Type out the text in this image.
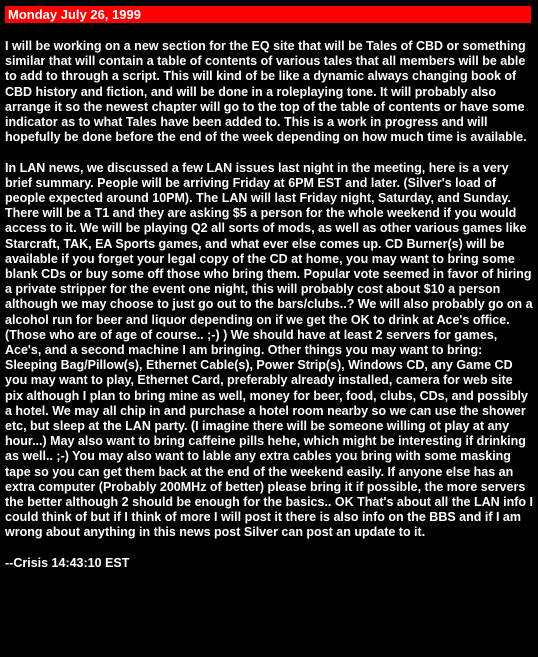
Monday July 26, 1999

I will be working on a new section for the EQ site that will be Tales of CBD or something similar that will contain a table of contents of various tales that all members will be able to add to through a script. This will kind of be like a dynamic always changing book of CBD history and fiction, and will be done in a roleplaying tone. It will probably also arrange it so the newest chapter will go to the top of the table of contents or have some indicator as to what Tales have been added to. This is a work in progress and will hopefully be done before the end of the week depending on how much time is available.

In LAN news, we discussed a few LAN issues last night in the meeting, here is a very brief summary. People will be arriving Friday at 6PM EST and later. (Silver's load of people expected around 10PM). The LAN will last Friday night, Saturday, and Sunday. There will be a T1 and they are asking $5 a person for the whole weekend if you would access to it. We will be playing Q2 all sorts of mods, as well as other various games like Starcraft, TAK, EA Sports games, and what ever else comes up. CD Burner(s) will be available if you forget your legal copy of the CD at home, you may want to bring some blank CDs or buy some off those who bring them. Popular vote seemed in favor of hiring a private stripper for the event one night, this will probably cost about $10 a person although we may choose to just go out to the bars/clubs..? We will also probably go on a alcohol run for beer and liquor depending on if we get the OK to drink at Ace's office. (Those who are of age of course.. ;-) ) We should have at least 2 servers for games, Ace's, and a second machine I am bringing. Other things you may want to bring: Sleeping Bag/Pillow(s), Ethernet Cable(s), Power Strip(s), Windows CD, any Game CD you may want to play, Ethernet Card, preferably already installed, camera for web site pix although I plan to bring mine as well, money for beer, food, clubs, CDs, and possibly a hotel. We may all chip in and purchase a hotel room nearby so we can use the shower etc, but sleep at the LAN party. (I imagine there will be someone willing ot play at any hour...) May also want to bring caffeine pills hehe, which might be interesting if drinking as well.. ;-) You may also want to lable any extra cables you bring with some masking tape so you can get them back at the end of the weekend easily. If anyone else has an extra computer (Probably 200MHz of better) please bring it if possible, the more servers the better although 2 should be enough for the basics.. OK That's about all the LAN info I could think of but if I think of more I will post it there is also info on the BBS and if I am wrong about anything in this news post Silver can post an update to it.

--Crisis 14:43:10 EST
